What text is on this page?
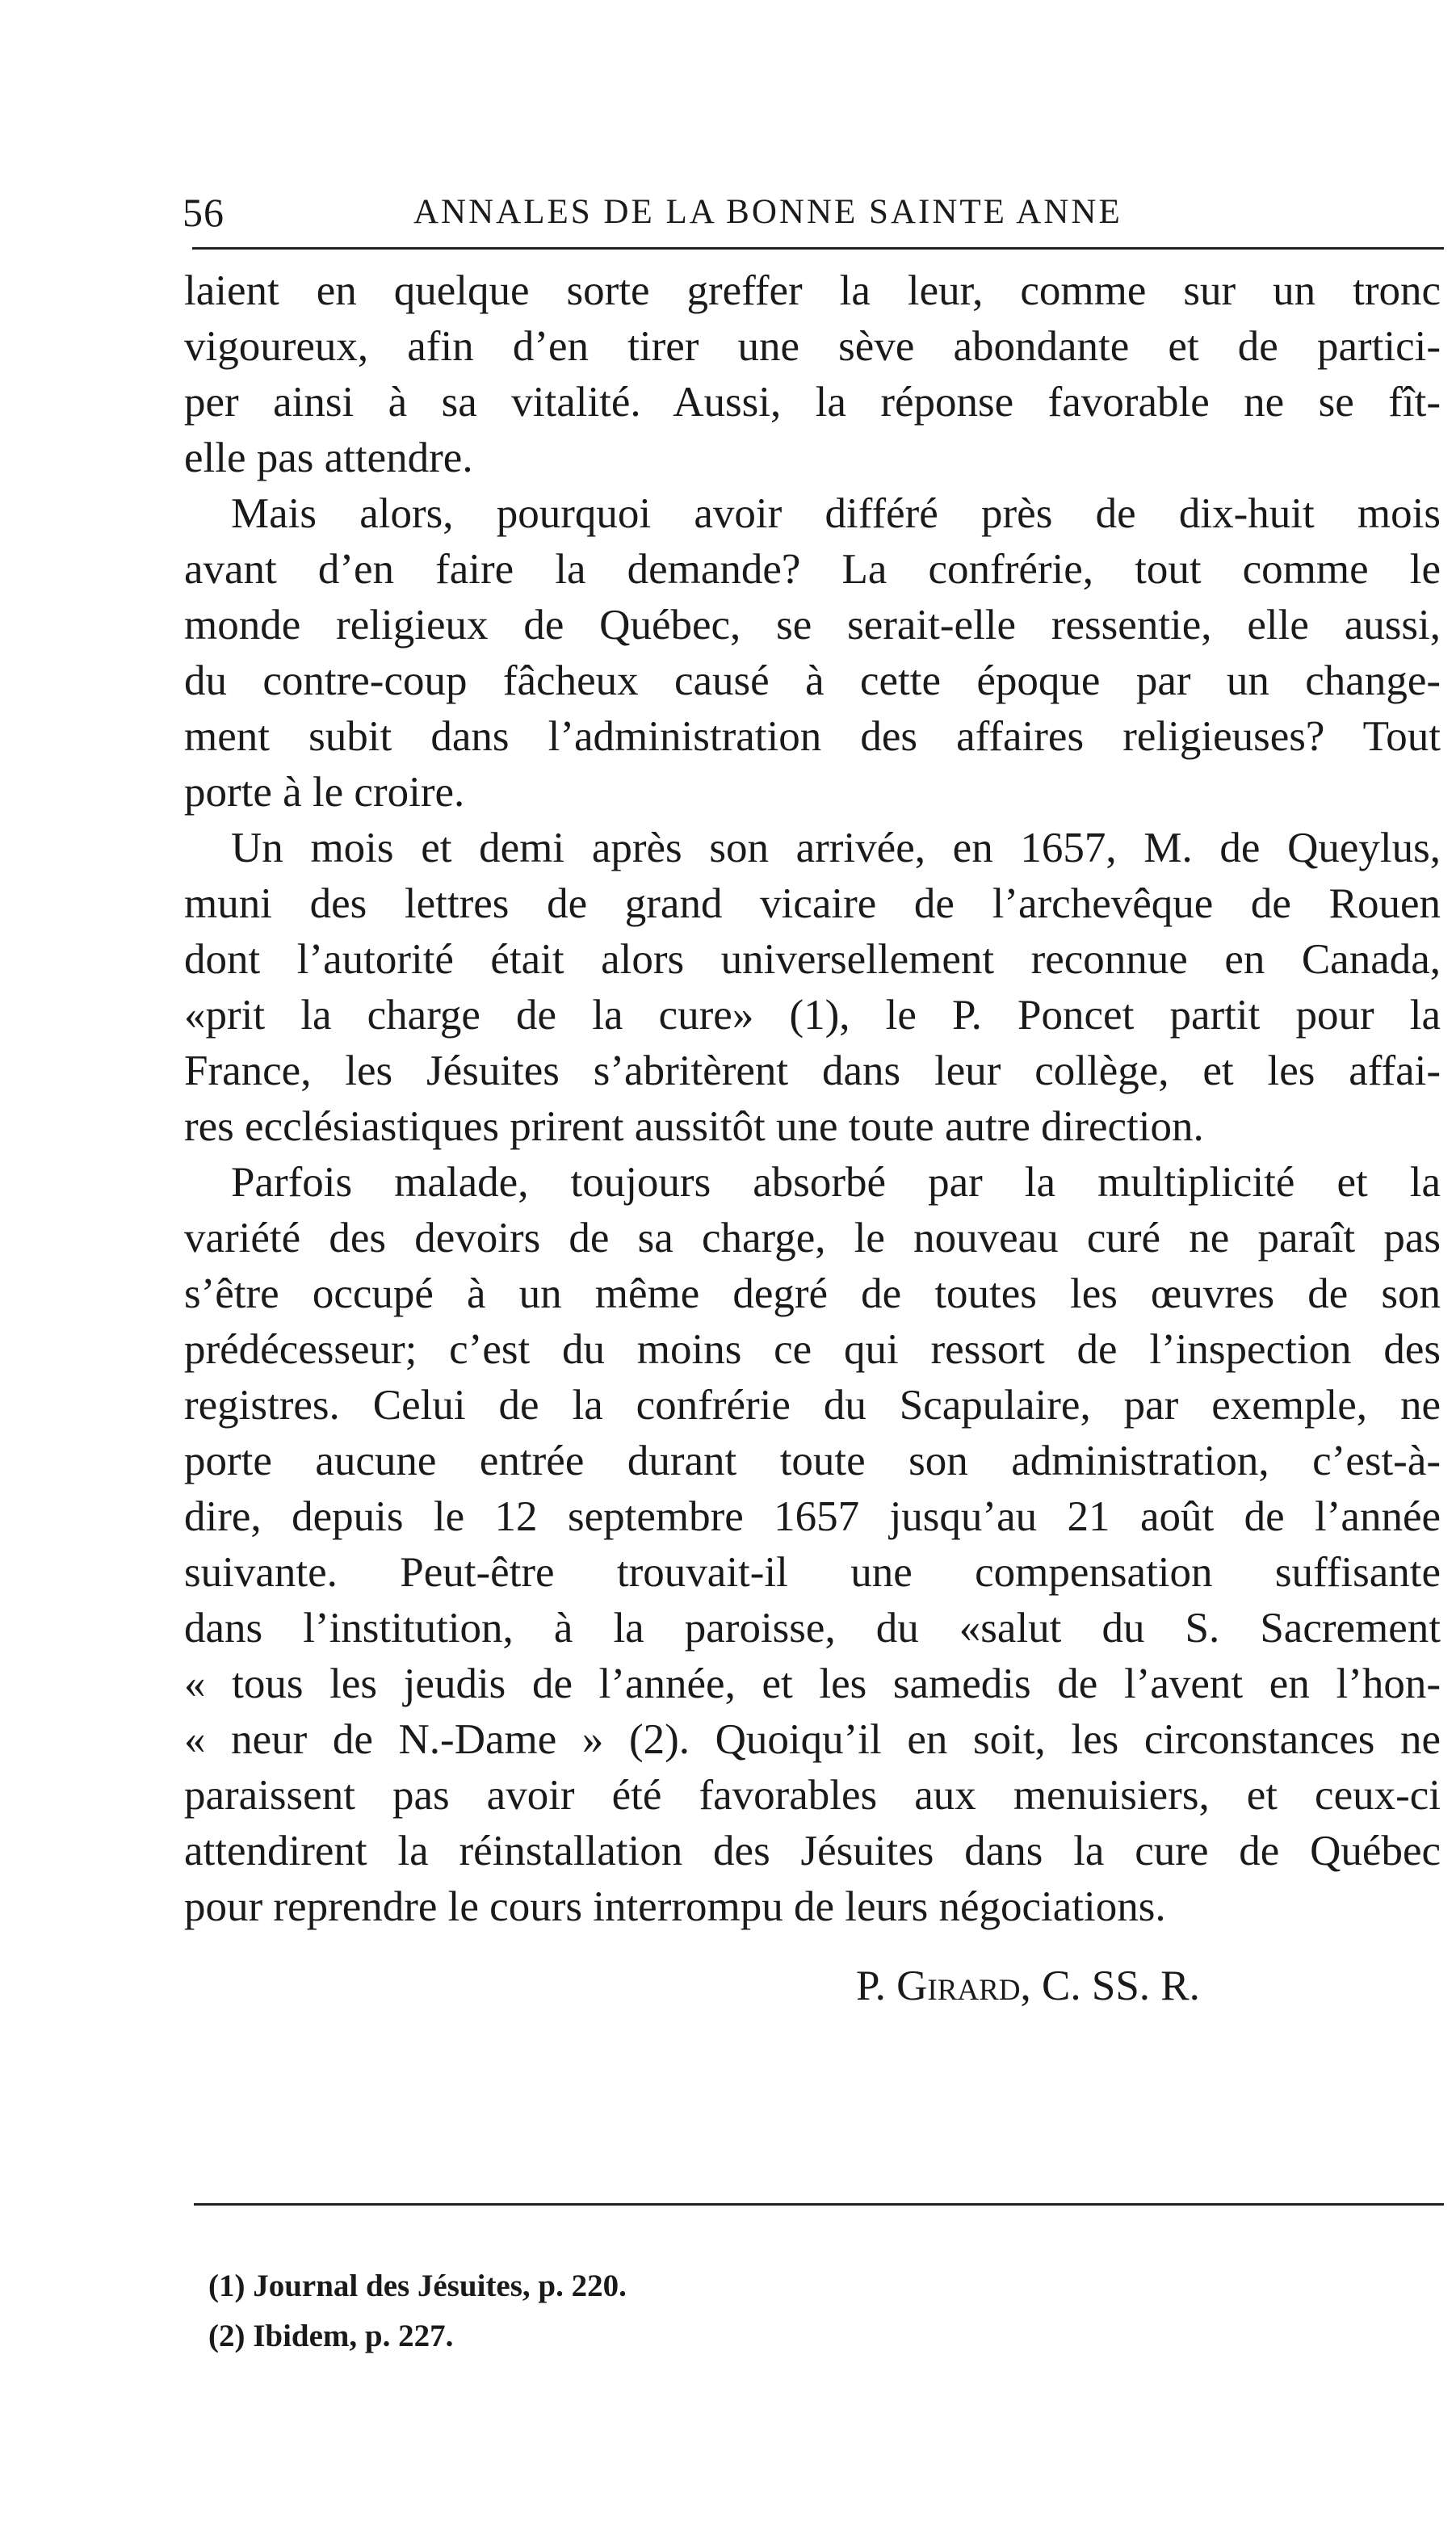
56	ANNALES DE LA BONNE SAINTE ANNE
laient en quelque sorte greffer la leur, comme sur un tronc
vigoureux, afin d’en tirer une sève abondante et de partici-
per ainsi à sa vitalité. Aussi, la réponse favorable ne se fît-
elle pas attendre.
Mais alors, pourquoi avoir différé près de dix-huit mois
avant d’en faire la demande? La confrérie, tout comme le
monde religieux de Québec, se serait-elle ressentie, elle aussi,
du contre-coup fâcheux causé à cette époque par un change-
ment subit dans l’administration des affaires religieuses? Tout
porte à le croire.
Un mois et demi après son arrivée, en 1657, M. de Queylus,
muni des lettres de grand vicaire de l’archevêque de Rouen
dont l’autorité était alors universellement reconnue en Canada,
«prit la charge de la cure» (1), le P. Poncet partit pour la
France, les Jésuites s’abritèrent dans leur collège, et les affai-
res ecclésiastiques prirent aussitôt une toute autre direction.
Parfois malade, toujours absorbé par la multiplicité et la
variété des devoirs de sa charge, le nouveau curé ne paraît pas
s’être occupé à un même degré de toutes les œuvres de son
prédécesseur; c’est du moins ce qui ressort de l’inspection des
registres. Celui de la confrérie du Scapulaire, par exemple, ne
porte aucune entrée durant toute son administration, c’est-à-
dire, depuis le 12 septembre 1657 jusqu’au 21 août de l’année
suivante. Peut-être trouvait-il une compensation suffisante
dans l’institution, à la paroisse, du «salut du S. Sacrement
« tous les jeudis de l’année, et les samedis de l’avent en l’hon-
« neur de N.-Dame » (2). Quoiqu’il en soit, les circonstances ne
paraissent pas avoir été favorables aux menuisiers, et ceux-ci
attendirent la réinstallation des Jésuites dans la cure de Québec
pour reprendre le cours interrompu de leurs négociations.
P. Girard, C. SS. R.
(1) Journal des Jésuites, p. 220.
(2) Ibidem, p. 227.
